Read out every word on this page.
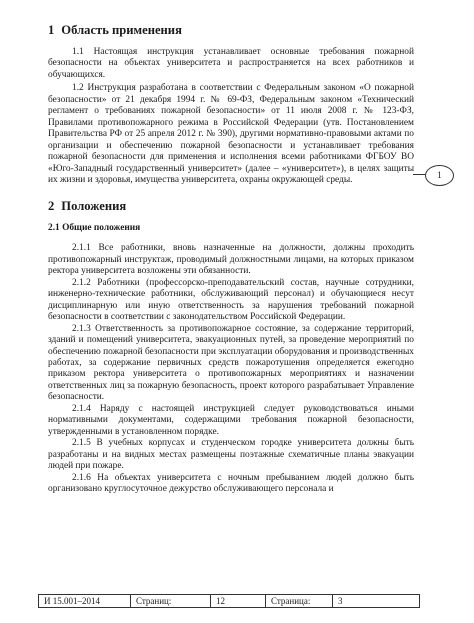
1 Область применения

1.1 Настоящая инструкция устанавливает основные требования пожарной безопасности на объектах университета и распространяется на всех работников и обучающихся.

1.2 Инструкция разработана в соответствии с Федеральным законом «О пожарной безопасности» от 21 декабря 1994 г. № 69-ФЗ, Федеральным законом «Технический регламент о требованиях пожарной безопасности» от 11 июля 2008 г. № 123-ФЗ, Правилами противопожарного режима в Российской Федерации (утв. Постановлением Правительства РФ от 25 апреля 2012 г. № 390), другими нормативно-правовыми актами по организации и обеспечению пожарной безопасности и устанавливает требования пожарной безопасности для применения и исполнения всеми работниками ФГБОУ ВО «Юго-Западный государственный университет» (далее – «университет»), в целях защиты их жизни и здоровья, имущества университета, охраны окружающей среды.

2 Положения
2.1 Общие положения

2.1.1 Все работники, вновь назначенные на должности, должны проходить противопожарный инструктаж, проводимый должностными лицами, на которых приказом ректора университета возложены эти обязанности.

2.1.2 Работники (профессорско-преподавательский состав, научные сотрудники, инженерно-технические работники, обслуживающий персонал) и обучающиеся несут дисциплинарную или иную ответственность за нарушения требований пожарной безопасности в соответствии с законодательством Российской Федерации.

2.1.3 Ответственность за противопожарное состояние, за содержание территорий, зданий и помещений университета, эвакуационных путей, за проведение мероприятий по обеспечению пожарной безопасности при эксплуатации оборудования и производственных работах, за содержание первичных средств пожаротушения определяется ежегодно приказом ректора университета о противопожарных мероприятиях и назначении ответственных лиц за пожарную безопасность, проект которого разрабатывает Управление безопасности.

2.1.4 Наряду с настоящей инструкцией следует руководствоваться иными нормативными документами, содержащими требования пожарной безопасности, утвержденными в установленном порядке.

2.1.5 В учебных корпусах и студенческом городке университета должны быть разработаны и на видных местах размещены поэтажные схематичные планы эвакуации людей при пожаре.

2.1.6 На объектах университета с ночным пребыванием людей должно быть организовано круглосуточное дежурство обслуживающего персонала и

1
И 15.001–2014	Страниц:	12	Страница:	3
